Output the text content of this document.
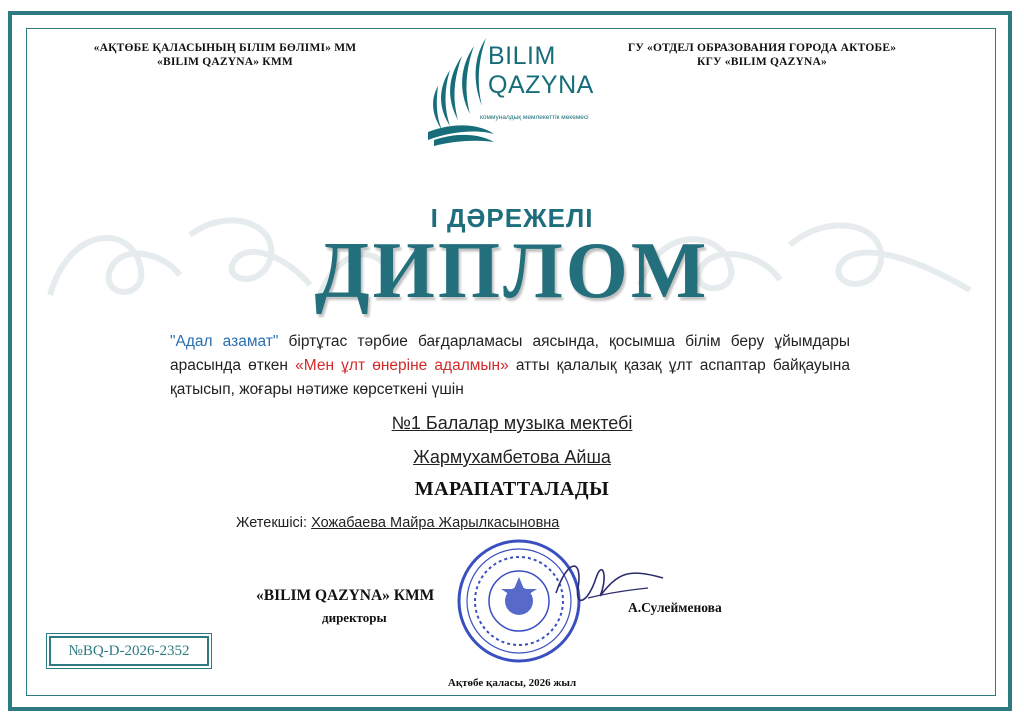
«АҚТӨБЕ ҚАЛАСЫНЫҢ БІЛІМ БӨЛІМІ» ММ
«BILIM QAZYNA» КММ
ГУ «ОТДЕЛ ОБРАЗОВАНИЯ ГОРОДА АКТОБЕ»
КГУ «BILIM QAZYNA»
BILIM
QAZYNA
коммуналдық мемлекеттік мекемесі
І ДӘРЕЖЕЛІ
ДИПЛОМ
"Адал азамат" біртұтас тәрбие бағдарламасы аясында, қосымша білім беру ұйымдары арасында өткен «Мен ұлт өнеріне адалмын» атты қалалық қазақ ұлт аспаптар байқауына қатысып, жоғары нәтиже көрсеткені үшін
№1 Балалар музыка мектебі
Жармухамбетова Айша
МАРАПАТТАЛАДЫ
Жетекшісі: Хожабаева Майра Жарылкасыновна
«BILIM QAZYNA» КММ
директоры
А.Сулейменова
№BQ-D-2026-2352
Ақтөбе қаласы, 2026 жыл
